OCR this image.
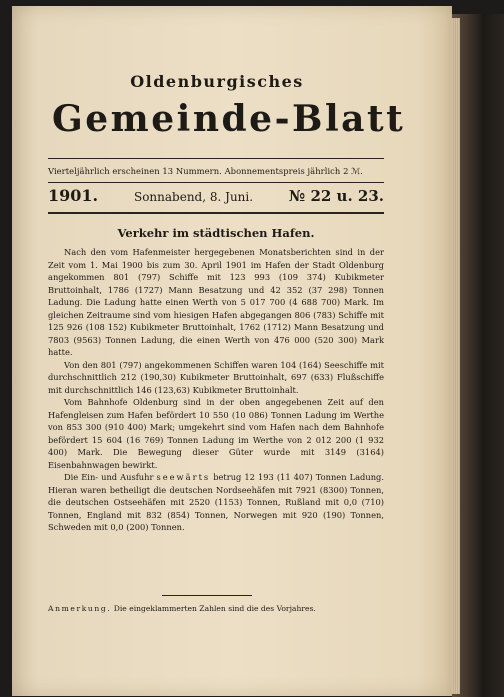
Oldenburgisches
Gemeinde-Blatt
Vierteljährlich erscheinen 13 Nummern. Abonnementspreis jährlich 2 ℳ.
1901.	Sonnabend, 8. Juni. № 22 u. 23.
Verkehr im städtischen Hafen.

Nach den vom Hafenmeister hergegebenen Monatsberichten sind in der Zeit vom 1. Mai 1900 bis zum 30. April 1901 im Hafen der Stadt Oldenburg angekommen 801 (797) Schiffe mit 123 993 (109 374) Kubikmeter Bruttoinhalt, 1786 (1727) Mann Besatzung und 42 352 (37 298) Tonnen Ladung. Die Ladung hatte einen Werth von 5 017 700 (4 688 700) Mark. Im gleichen Zeitraume sind vom hiesigen Hafen abgegangen 806 (783) Schiffe mit 125 926 (108 152) Kubikmeter Bruttoinhalt, 1762 (1712) Mann Besatzung und 7803 (9563) Tonnen Ladung, die einen Werth von 476 000 (520 300) Mark hatte.

Von den 801 (797) angekommenen Schiffen waren 104 (164) Seeschiffe mit durchschnittlich 212 (190,30) Kubikmeter Bruttoinhalt, 697 (633) Flußschiffe mit durchschnittlich 146 (123,63) Kubikmeter Bruttoinhalt.

Vom Bahnhofe Oldenburg sind in der oben angegebenen Zeit auf den Hafengleisen zum Hafen befördert 10 550 (10 086) Tonnen Ladung im Werthe von 853 300 (910 400) Mark; umgekehrt sind vom Hafen nach dem Bahnhofe befördert 15 604 (16 769) Tonnen Ladung im Werthe von 2 012 200 (1 932 400) Mark. Die Bewegung dieser Güter wurde mit 3149 (3164) Eisenbahnwagen bewirkt.

Die Ein- und Ausfuhr seewärts betrug 12 193 (11 407) Tonnen Ladung. Hieran waren betheiligt die deutschen Nordseehäfen mit 7921 (8300) Tonnen, die deutschen Ostseehäfen mit 2520 (1153) Tonnen, Rußland mit 0,0 (710) Tonnen, England mit 832 (854) Tonnen, Norwegen mit 920 (190) Tonnen, Schweden mit 0,0 (200) Tonnen.

Anmerkung. Die eingeklammerten Zahlen sind die des Vorjahres.
